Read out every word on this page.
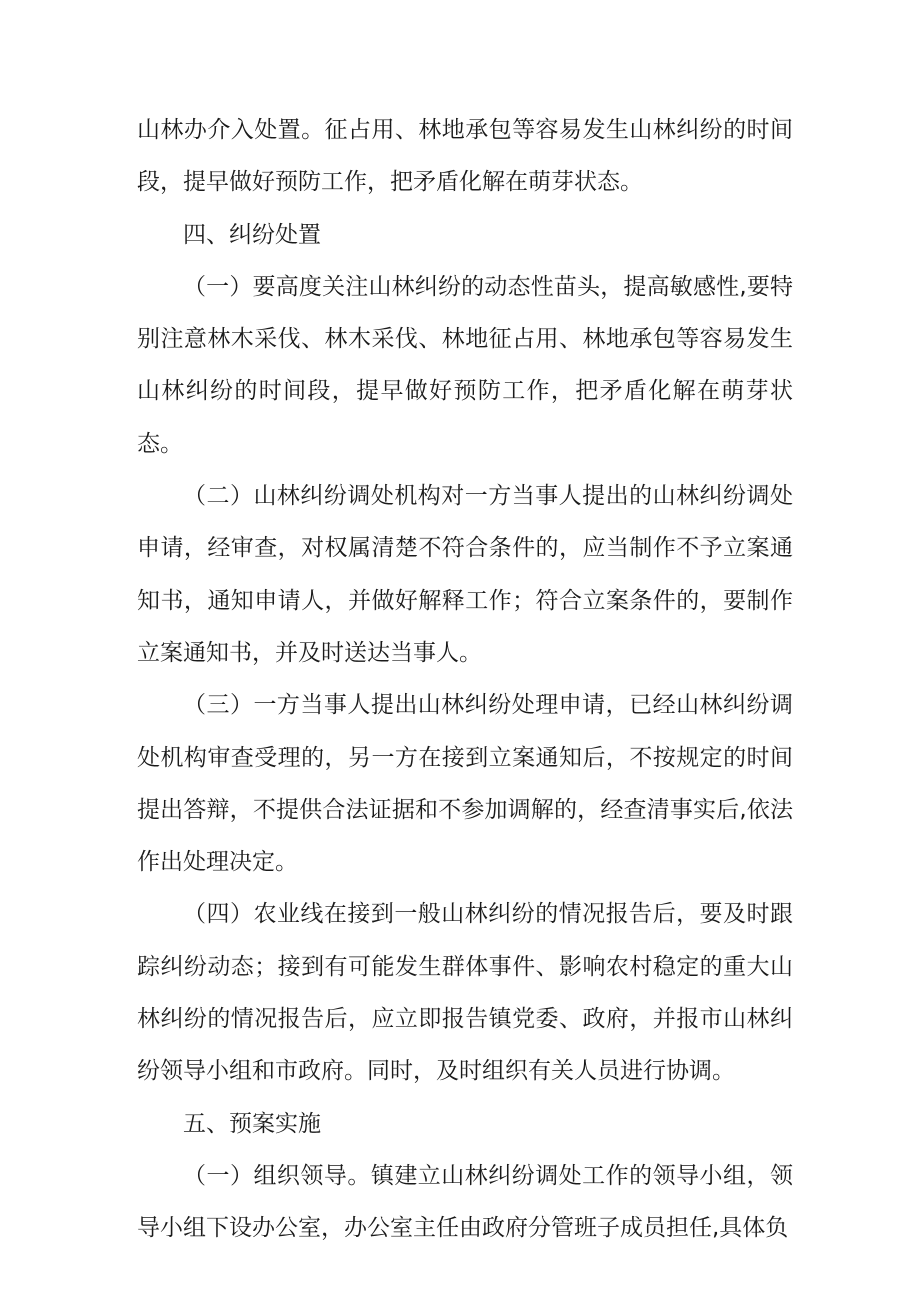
山林办介入处置。征占用、林地承包等容易发生山林纠纷的时间段，提早做好预防工作，把矛盾化解在萌芽状态。

四、纠纷处置

（一）要高度关注山林纠纷的动态性苗头，提高敏感性,要特别注意林木采伐、林木采伐、林地征占用、林地承包等容易发生山林纠纷的时间段，提早做好预防工作，把矛盾化解在萌芽状态。

（二）山林纠纷调处机构对一方当事人提出的山林纠纷调处申请，经审查，对权属清楚不符合条件的，应当制作不予立案通知书，通知申请人，并做好解释工作；符合立案条件的，要制作立案通知书，并及时送达当事人。

（三）一方当事人提出山林纠纷处理申请，已经山林纠纷调处机构审查受理的，另一方在接到立案通知后，不按规定的时间提出答辩，不提供合法证据和不参加调解的，经查清事实后,依法作出处理决定。

（四）农业线在接到一般山林纠纷的情况报告后，要及时跟踪纠纷动态；接到有可能发生群体事件、影响农村稳定的重大山林纠纷的情况报告后，应立即报告镇党委、政府，并报市山林纠纷领导小组和市政府。同时，及时组织有关人员进行协调。

五、预案实施

（一）组织领导。镇建立山林纠纷调处工作的领导小组，领导小组下设办公室，办公室主任由政府分管班子成员担任,具体负
